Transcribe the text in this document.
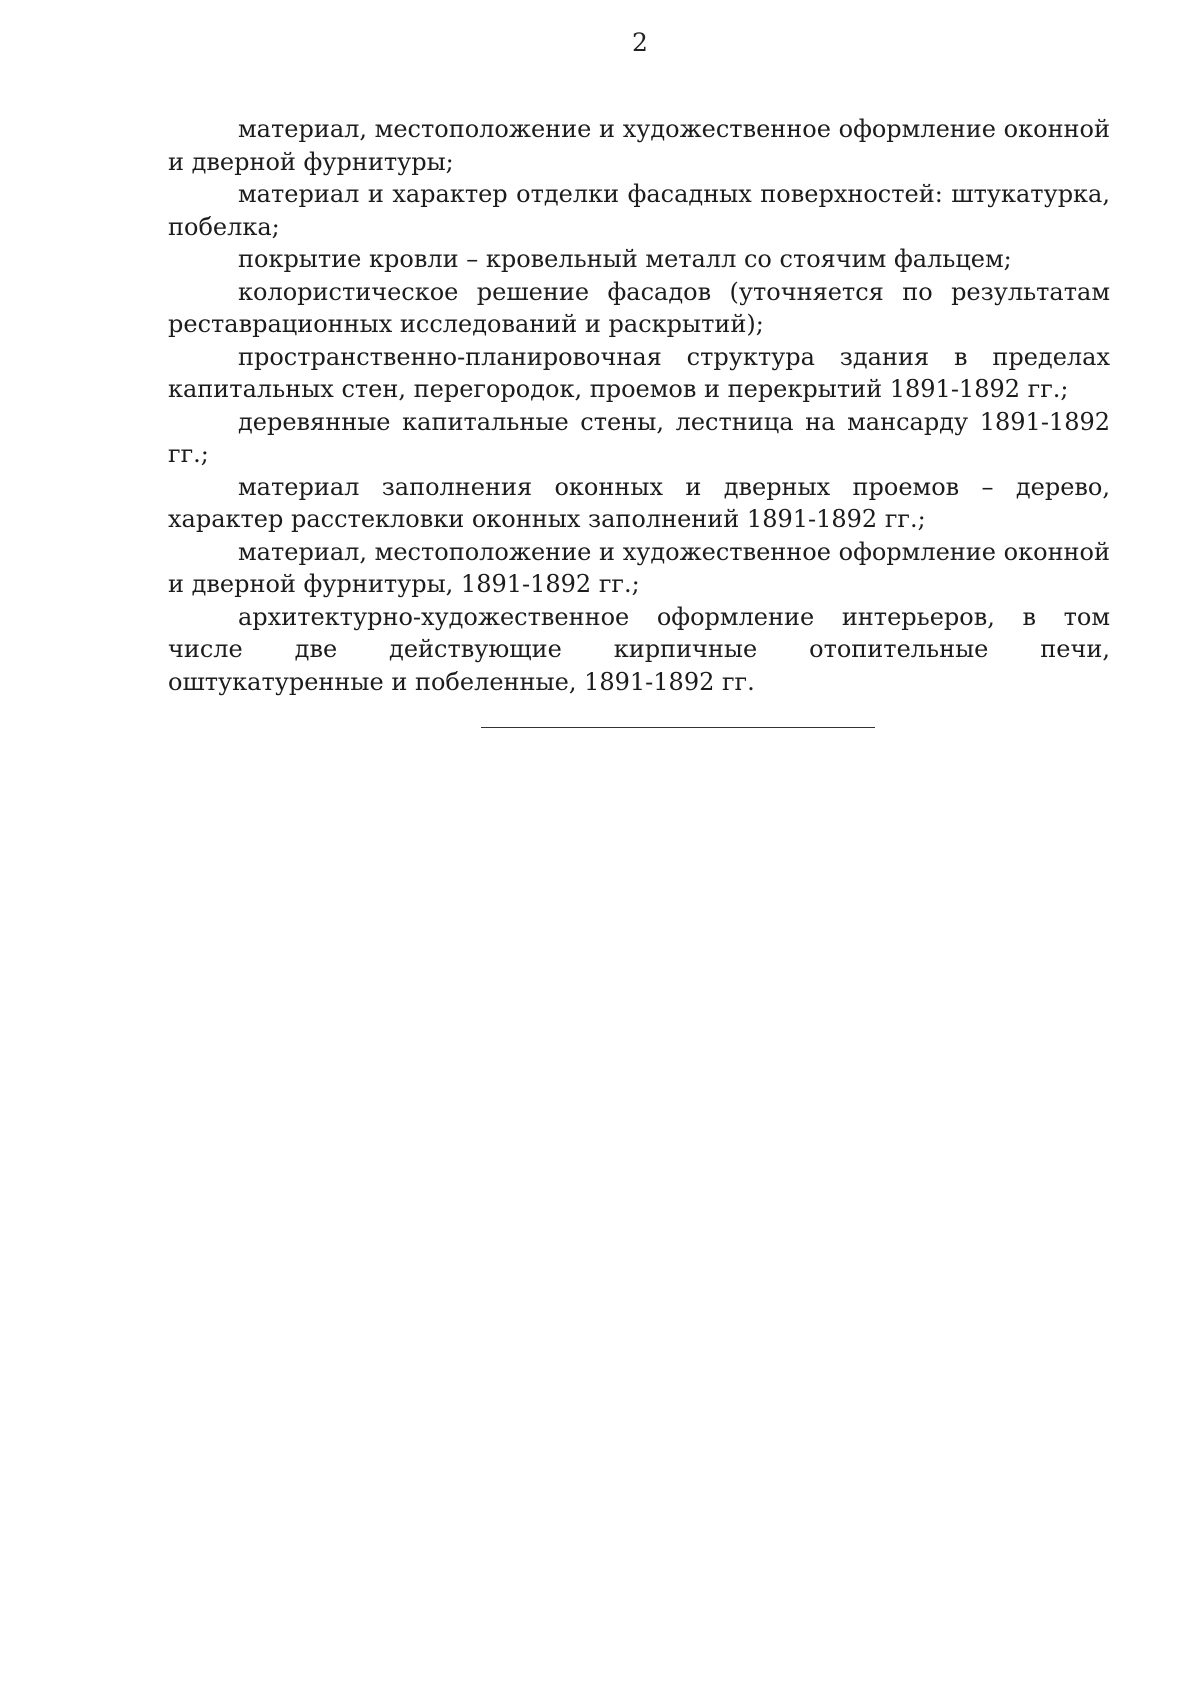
2

материал, местоположение и художественное оформление оконной и дверной фурнитуры;

материал и характер отделки фасадных поверхностей: штукатурка, побелка;

покрытие кровли – кровельный металл со стоячим фальцем;

колористическое решение фасадов (уточняется по результатам реставрационных исследований и раскрытий);

пространственно-планировочная структура здания в пределах капитальных стен, перегородок, проемов и перекрытий 1891-1892 гг.;

деревянные капитальные стены, лестница на мансарду 1891-1892 гг.;

материал заполнения оконных и дверных проемов – дерево, характер расстекловки оконных заполнений 1891-1892 гг.;

материал, местоположение и художественное оформление оконной и дверной фурнитуры, 1891-1892 гг.;

архитектурно-художественное оформление интерьеров, в том числе две действующие кирпичные отопительные печи, оштукатуренные и побеленные, 1891-1892 гг.
